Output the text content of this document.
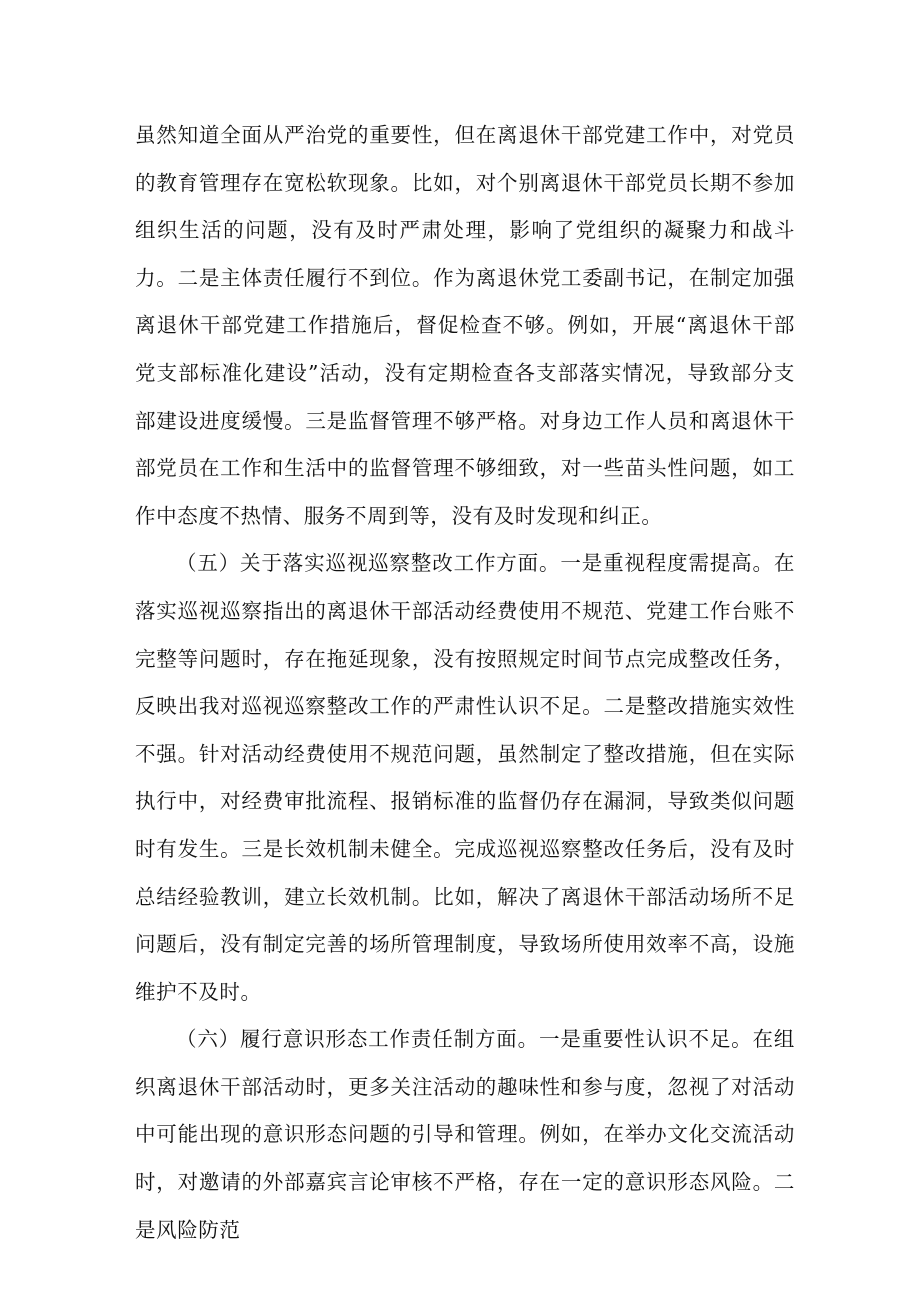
虽然知道全面从严治党的重要性，但在离退休干部党建工作中，对党员的教育管理存在宽松软现象。比如，对个别离退休干部党员长期不参加组织生活的问题，没有及时严肃处理，影响了党组织的凝聚力和战斗力。二是主体责任履行不到位。作为离退休党工委副书记，在制定加强离退休干部党建工作措施后，督促检查不够。例如，开展“离退休干部党支部标准化建设”活动，没有定期检查各支部落实情况，导致部分支部建设进度缓慢。三是监督管理不够严格。对身边工作人员和离退休干部党员在工作和生活中的监督管理不够细致，对一些苗头性问题，如工作中态度不热情、服务不周到等，没有及时发现和纠正。

（五）关于落实巡视巡察整改工作方面。一是重视程度需提高。在落实巡视巡察指出的离退休干部活动经费使用不规范、党建工作台账不完整等问题时，存在拖延现象，没有按照规定时间节点完成整改任务，反映出我对巡视巡察整改工作的严肃性认识不足。二是整改措施实效性不强。针对活动经费使用不规范问题，虽然制定了整改措施，但在实际执行中，对经费审批流程、报销标准的监督仍存在漏洞，导致类似问题时有发生。三是长效机制未健全。完成巡视巡察整改任务后，没有及时总结经验教训，建立长效机制。比如，解决了离退休干部活动场所不足问题后，没有制定完善的场所管理制度，导致场所使用效率不高，设施维护不及时。

（六）履行意识形态工作责任制方面。一是重要性认识不足。在组织离退休干部活动时，更多关注活动的趣味性和参与度，忽视了对活动中可能出现的意识形态问题的引导和管理。例如，在举办文化交流活动时，对邀请的外部嘉宾言论审核不严格，存在一定的意识形态风险。二是风险防范
